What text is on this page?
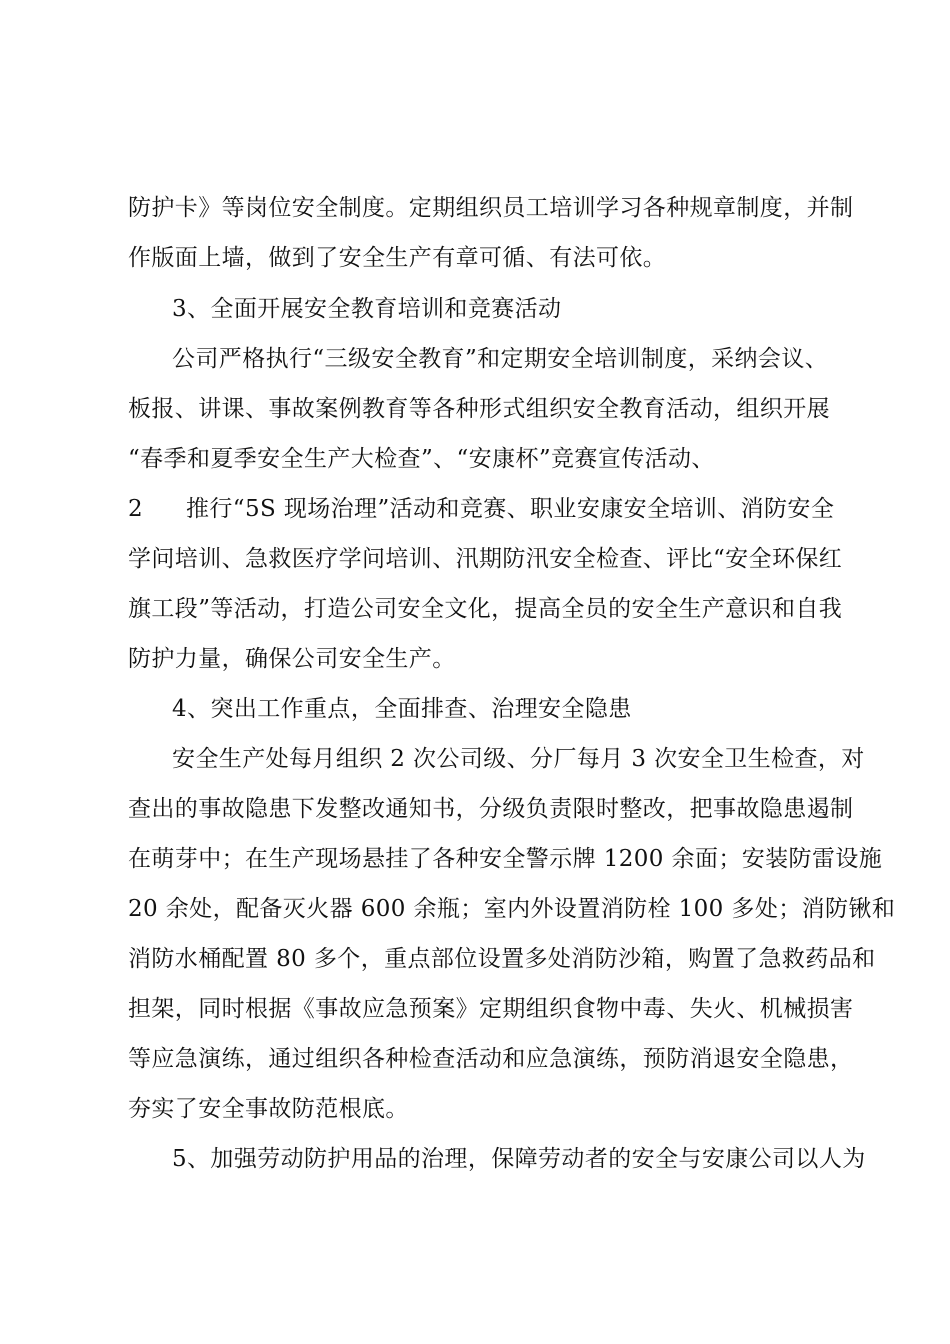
防护卡》等岗位安全制度。定期组织员工培训学习各种规章制度，并制
作版面上墙，做到了安全生产有章可循、有法可依。
3、全面开展安全教育培训和竞赛活动
公司严格执行“三级安全教育”和定期安全培训制度，采纳会议、
板报、讲课、事故案例教育等各种形式组织安全教育活动，组织开展
“春季和夏季安全生产大检查”、“安康杯”竞赛宣传活动、
2	推行“5S 现场治理”活动和竞赛、职业安康安全培训、消防安全
学问培训、急救医疗学问培训、汛期防汛安全检查、评比“安全环保红
旗工段”等活动，打造公司安全文化，提高全员的安全生产意识和自我
防护力量，确保公司安全生产。
4、突出工作重点，全面排查、治理安全隐患
安全生产处每月组织 2 次公司级、分厂每月 3 次安全卫生检查，对
查出的事故隐患下发整改通知书，分级负责限时整改，把事故隐患遏制
在萌芽中；在生产现场悬挂了各种安全警示牌 1200 余面；安装防雷设施
20 余处，配备灭火器 600 余瓶；室内外设置消防栓 100 多处；消防锹和
消防水桶配置 80 多个，重点部位设置多处消防沙箱，购置了急救药品和
担架，同时根据《事故应急预案》定期组织食物中毒、失火、机械损害
等应急演练，通过组织各种检查活动和应急演练，预防消退安全隐患，
夯实了安全事故防范根底。
5、加强劳动防护用品的治理，保障劳动者的安全与安康公司以人为
